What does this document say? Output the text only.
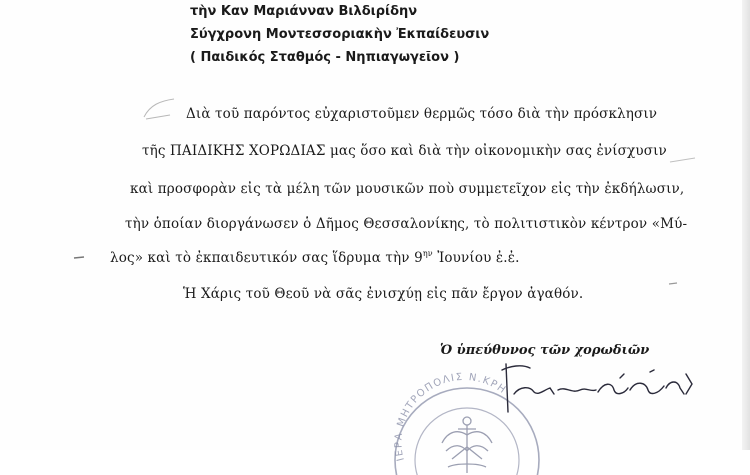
τὴν Καν Μαριάνναν Βιλδιρίδην
Σύγχρονη Μοντεσσοριακὴν Ἐκπαίδευσιν
( Παιδικός Σταθμός - Νηπιαγωγεῖον )
Διὰ τοῦ παρόντος εὐχαριστοῦμεν θερμῶς τόσο διὰ τὴν πρόσκλησιν
τῆς ΠΑΙΔΙΚΗΣ ΧΟΡΩΔΙΑΣ μας ὅσο καὶ διὰ τὴν οἰκονομικὴν σας ἐνίσχυσιν
καὶ προσφορὰν εἰς τὰ μέλη τῶν μουσικῶν ποὺ συμμετεῖχον εἰς τὴν ἐκδήλωσιν,
τὴν ὁποίαν διοργάνωσεν ὁ Δῆμος Θεσσαλονίκης, τὸ πολιτιστικὸν κέντρον «Μύ-
λος» καὶ τὸ ἐκπαιδευτικόν σας ἵδρυμα τὴν $9^{\eta\nu}$ Ἰουνίου ἐ.ἐ.
Ἡ Χάρις τοῦ Θεοῦ νὰ σᾶς ἐνισχύῃ εἰς πᾶν ἔργον ἀγαθόν.
Ὁ ὑπεύθυνος τῶν χορωδιῶν
ΙΕΡΑ ΜΗΤΡΟΠΟΛΙΣ Ν.ΚΡΗ
